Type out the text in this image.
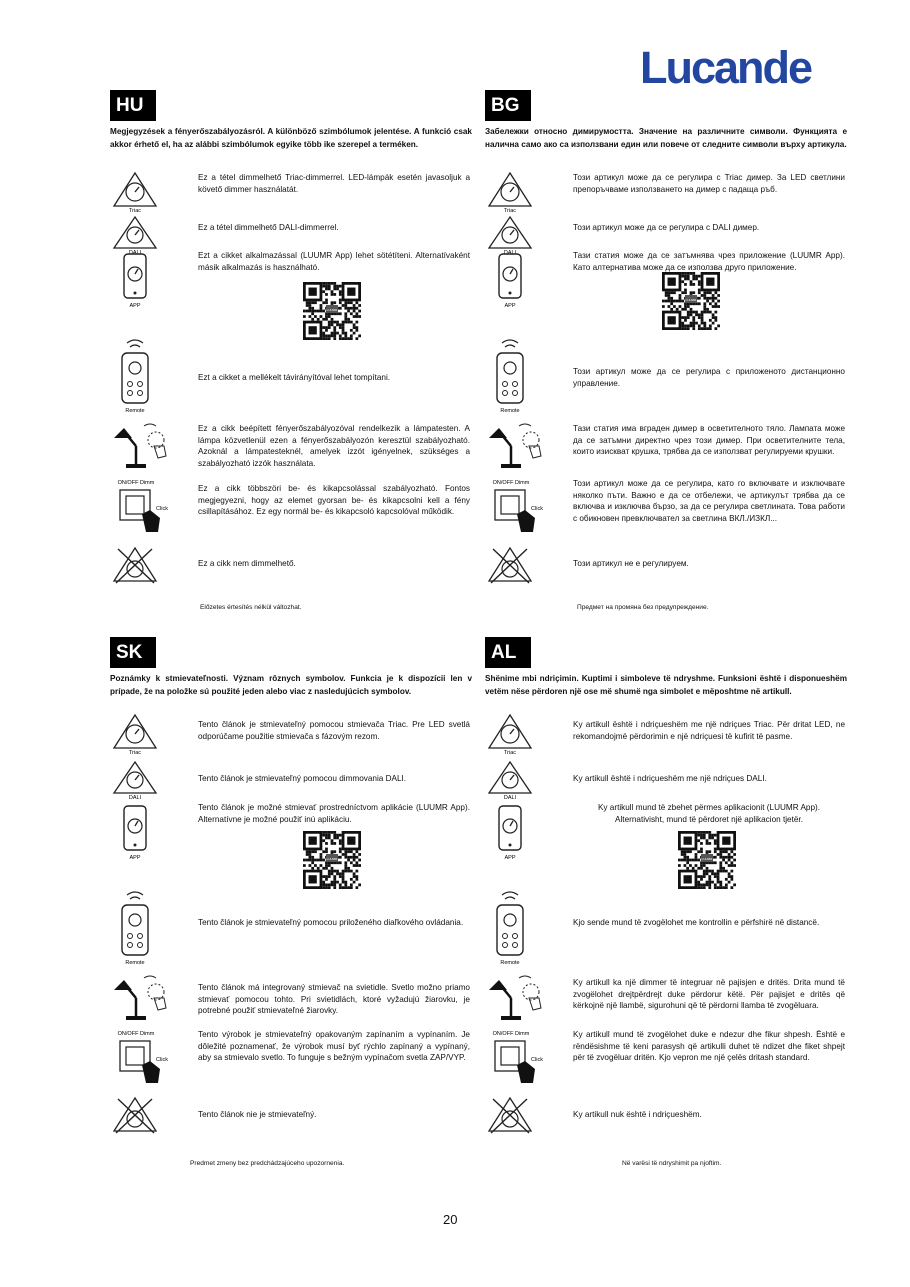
Lucande
HU
Megjegyzések a fényerőszabályozásról. A különböző szimbólumok jelentése. A funkció csak akkor érhető el, ha az alábbi szimbólumok egyike több ike szerepel a terméken.
Triac
Ez a tétel dimmelhető Triac-dimmerrel. LED-lámpák esetén javasoljuk a követő dimmer használatát.
DALI
Ez a tétel dimmelhető DALI-dimmerrel.
APP
Ezt a cikket alkalmazással (LUUMR App) lehet sötétíteni. Alternatívaként másik alkalmazás is használható.
LUUMR
Remote
Ezt a cikket a mellékelt távirányítóval lehet tompítani.
Ez a cikk beépített fényerőszabályozóval rendelkezik a lámpatesten. A lámpa közvetlenül ezen a fényerőszabályozón keresztül szabályozható. Azoknál a lámpatesteknél, amelyek izzót igényelnek, szükséges a szabályozható izzók használata.
ON/OFF Dimm
Click
Ez a cikk többszöri be- és kikapcsolással szabályozható. Fontos megjegyezni, hogy az elemet gyorsan be- és kikapcsolni kell a fény csillapításához. Ez egy normál be- és kikapcsoló kapcsolóval működik.
Ez a cikk nem dimmelhető.
BG
Забележки относно димирумостта. Значение на различните символи. Функцията е налична само ако са използвани един или повече от следните символи върху артикула.
Triac
Този артикул може да се регулира с Triac димер. За LED светлини препоръчваме използването на димер с падаща ръб.
DALI
Този артикул може да се регулира с DALI димер.
APP
Тази статия може да се затъмнява чрез приложение (LUUMR App). Като алтернатива може да се използва друго приложение.
LUUMR
Remote
Този артикул може да се регулира с приложеното дистанционно управление.
Тази статия има вграден димер в осветителното тяло. Лампата може да се затъмни директно чрез този димер. При осветителните тела, които изискват крушка, трябва да се използват регулируеми крушки.
ON/OFF Dimm
Click
Този артикул може да се регулира, като го включвате и изключвате няколко пъти. Важно е да се отбележи, че артикулът трябва да се включва и изключва бързо, за да се регулира светлината. Това работи с обикновен превключвател за светлина ВКЛ./ИЗКЛ...
Този артикул не е регулируем.
SK
Poznámky k stmievateľnosti. Význam rôznych symbolov. Funkcia je k dispozícii len v prípade, že na položke sú použité jeden alebo viac z nasledujúcich symbolov.
Triac
Tento článok je stmievateľný pomocou stmievača Triac. Pre LED svetlá odporúčame použitie stmievača s fázovým rezom.
DALI
Tento článok je stmievateľný pomocou dimmovania DALI.
APP
Tento článok je možné stmievať prostredníctvom aplikácie (LUUMR App). Alternatívne je možné použiť inú aplikáciu.
LUUMR
Remote
Tento článok je stmievateľný pomocou priloženého diaľkového ovládania.
Tento článok má integrovaný stmievač na svietidle. Svetlo možno priamo stmievať pomocou tohto. Pri svietidlách, ktoré vyžadujú žiarovku, je potrebné použiť stmievateľné žiarovky.
ON/OFF Dimm
Click
Tento výrobok je stmievateľný opakovaným zapínaním a vypínaním. Je dôležité poznamenať, že výrobok musí byť rýchlo zapínaný a vypínaný, aby sa stmievalo svetlo. To funguje s bežným vypínačom svetla ZAP/VYP.
Tento článok nie je stmievateľný.
AL
Shënime mbi ndriçimin. Kuptimi i simboleve të ndryshme. Funksioni është i disponueshëm vetëm nëse përdoren një ose më shumë nga simbolet e mëposhtme në artikull.
Triac
Ky artikull është i ndriçueshëm me një ndriçues Triac. Për dritat LED, ne rekomandojmë përdorimin e një ndriçuesi të kufirit të pasme.
DALI
Ky artikull është i ndriçueshëm me një ndriçues DALI.
APP
Ky artikull mund të zbehet përmes aplikacionit (LUUMR App). Alternativisht, mund të përdoret një aplikacion tjetër.
LUUMR
Remote
Kjo sende mund të zvogëlohet me kontrollin e përfshirë në distancë.
Ky artikull ka një dimmer të integruar në pajisjen e dritës. Drita mund të zvogëlohet drejtpërdrejt duke përdorur këtë. Për pajisjet e dritës që kërkojnë një llambë, sigurohuni që të përdorni llamba të zvogëluara.
ON/OFF Dimm
Click
Ky artikull mund të zvogëlohet duke e ndezur dhe fikur shpesh. Është e rëndësishme të keni parasysh që artikulli duhet të ndizet dhe fiket shpejt për të zvogëluar dritën. Kjo vepron me një çelës dritash standard.
Ky artikull nuk është i ndriçueshëm.
20
Előzetes értesítés nélkül változhat.	Предмет на промяна без предупреждение.
Predmet zmeny bez predchádzajúceho upozornenia.	Në varësi të ndryshimit pa njoftim.
